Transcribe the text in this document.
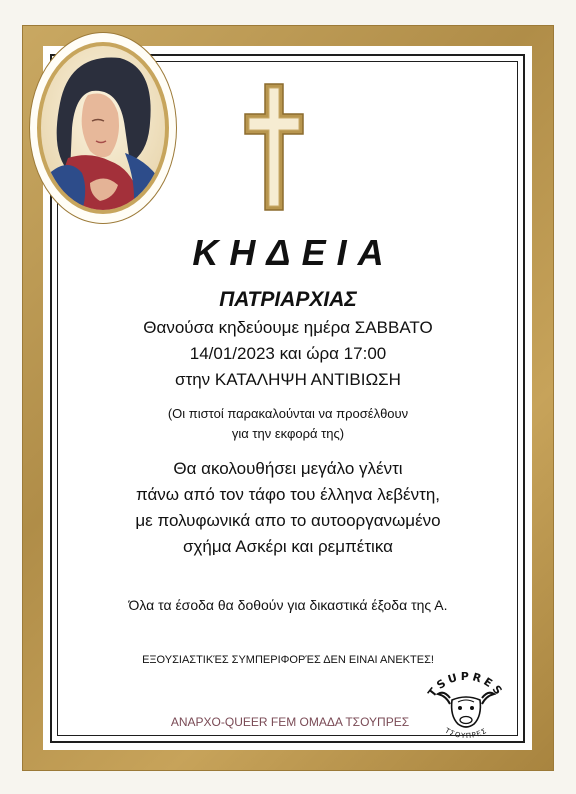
ΚΗΔΕΙΑ
ΠΑΤΡΙΑΡΧΙΑΣ
Θανούσα κηδεύουμε ημέρα ΣΑΒΒΑΤΟ
14/01/2023 και ώρα 17:00
στην ΚΑΤΑΛΗΨΗ ΑΝΤΙΒΙΩΣΗ
(Οι πιστοί παρακαλούνται να προσέλθουν
για την εκφορά της)
Θα ακολουθήσει μεγάλο γλέντι
πάνω από τον τάφο του έλληνα λεβέντη,
με πολυφωνικά απο το αυτοοργανωμένο
σχήμα Ασκέρι και ρεμπέτικα
Όλα τα έσοδα θα δοθούν για δικαστικά έξοδα της Α.
ΕΞΟΥΣΙΑΣΤΙΚΈΣ ΣΥΜΠΕΡΙΦΟΡΈΣ ΔΕΝ ΕΙΝΑΙ ΑΝΕΚΤΕΣ!
ΑΝΑΡΧΟ-QUEER FEM ΟΜΑΔΑ ΤΣΟΥΠΡΕΣ
TSUPRES
ΤΣΟΥΠΡΕΣ
